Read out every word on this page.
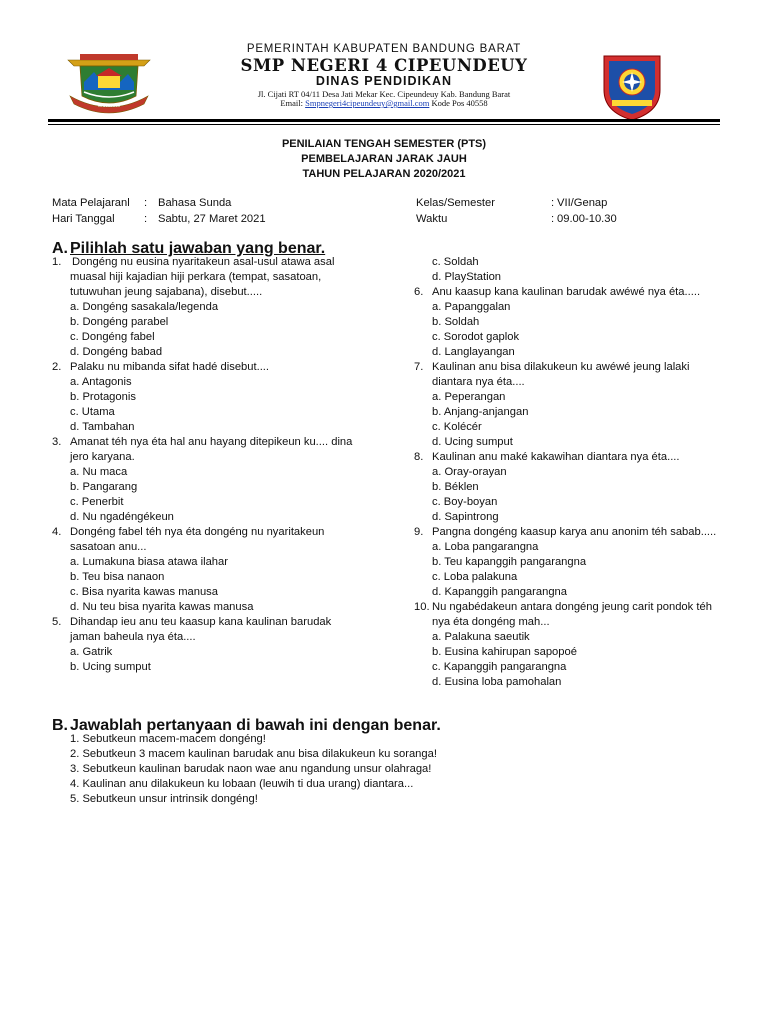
GAWIRANG
PEMERINTAH KABUPATEN BANDUNG BARAT
SMP NEGERI 4 CIPEUNDEUY
DINAS PENDIDIKAN
Jl. Cijati RT 04/11 Desa Jati Mekar Kec. Cipeundeuy Kab. Bandung Barat
Email: Smpnegeri4cipeundeuy@gmail.com Kode Pos 40558
PENILAIAN TENGAH SEMESTER (PTS)
PEMBELAJARAN JARAK JAUH
TAHUN PELAJARAN 2020/2021
Mata Pelajaranl : Bahasa Sunda
Hari Tanggal	: Sabtu, 27 Maret 2021
Kelas/Semester	: VII/Genap
Waktu	: 09.00-10.30
A. Pilihlah satu jawaban yang benar.
1. Dongéng nu eusina nyaritakeun asal-usul atawa asal
muasal hiji kajadian hiji perkara (tempat, sasatoan,
tutuwuhan jeung sajabana), disebut.....
a. Dongéng sasakala/legenda
b. Dongéng parabel
c. Dongéng fabel
d. Dongéng babad
2. Palaku nu mibanda sifat hadé disebut....
a. Antagonis
b. Protagonis
c. Utama
d. Tambahan
3. Amanat téh nya éta hal anu hayang ditepikeun ku.... dina
jero karyana.
a. Nu maca
b. Pangarang
c. Penerbit
d. Nu ngadéngékeun
4. Dongéng fabel téh nya éta dongéng nu nyaritakeun
sasatoan anu...
a. Lumakuna biasa atawa ilahar
b. Teu bisa nanaon
c. Bisa nyarita kawas manusa
d. Nu teu bisa nyarita kawas manusa
5. Dihandap ieu anu teu kaasup kana kaulinan barudak
jaman baheula nya éta....
a. Gatrik
b. Ucing sumput
c. Soldah
d. PlayStation
6. Anu kaasup kana kaulinan barudak awéwé nya éta.....
a. Papanggalan
b. Soldah
c. Sorodot gaplok
d. Langlayangan
7. Kaulinan anu bisa dilakukeun ku awéwé jeung lalaki
diantara nya éta....
a. Peperangan
b. Anjang-anjangan
c. Kolécér
d. Ucing sumput
8. Kaulinan anu maké kakawihan diantara nya éta....
a. Oray-orayan
b. Béklen
c. Boy-boyan
d. Sapintrong
9. Pangna dongéng kaasup karya anu anonim téh sabab.....
a. Loba pangarangna
b. Teu kapanggih pangarangna
c. Loba palakuna
d. Kapanggih pangarangna
10. Nu ngabédakeun antara dongéng jeung carit pondok téh
nya éta dongéng mah...
a. Palakuna saeutik
b. Eusina kahirupan sapopoé
c. Kapanggih pangarangna
d. Eusina loba pamohalan
B. Jawablah pertanyaan di bawah ini dengan benar.
1. Sebutkeun macem-macem dongéng!
2. Sebutkeun 3 macem kaulinan barudak anu bisa dilakukeun ku soranga!
3. Sebutkeun kaulinan barudak naon wae anu ngandung unsur olahraga!
4. Kaulinan anu dilakukeun ku lobaan (leuwih ti dua urang) diantara...
5. Sebutkeun unsur intrinsik dongéng!
